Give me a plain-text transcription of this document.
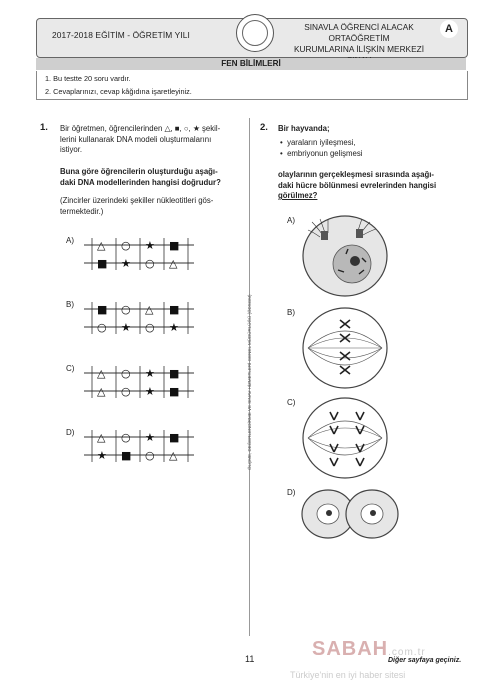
2017-2018 EĞİTİM - ÖĞRETİM YILI
SINAVLA ÖĞRENCİ ALACAK ORTAÖĞRETİM
KURUMLARINA İLİŞKİN MERKEZİ
A
FEN BİLİMLERİ
1. Bu testte 20 soru vardır.
2. Cevaplarınızı, cevap kâğıdına işaretleyiniz.
ÖLÇME, DEĞERLENDİRME VE SINAV HİZMETLERİ GENEL MÜDÜRLÜĞÜ (ÖDSGM)
1. Bir öğretmen, öğrencilerinden △, ■, ○, ★ şekil-
lerini kullanarak DNA modeli oluşturmalarını
istiyor.
Buna göre öğrencilerin oluşturduğu aşağı-
daki DNA modellerinden hangisi doğrudur?
(Zincirler üzerindeki şekiller nükleotitleri gös-
termektedir.)
A) △ ○ ★ ■
■ ★ ○ △
B) ■ ○ △ ■
○ ★ ○ ★
C) △ ○ ★ ■
△ ○ ★ ■
D) △ ○ ★ ■
★ ■ ○ △
2. Bir hayvanda;
•  yaraların iyileşmesi,
•  embriyonun gelişmesi
olaylarının gerçekleşmesi sırasında aşağı-
daki hücre bölünmesi evrelerinden hangisi
görülmez?
A)
B)
C)
D)
11	Diğer sayfaya geçiniz.
SABAH.com.tr
Türkiye'nin en iyi haber sitesi
